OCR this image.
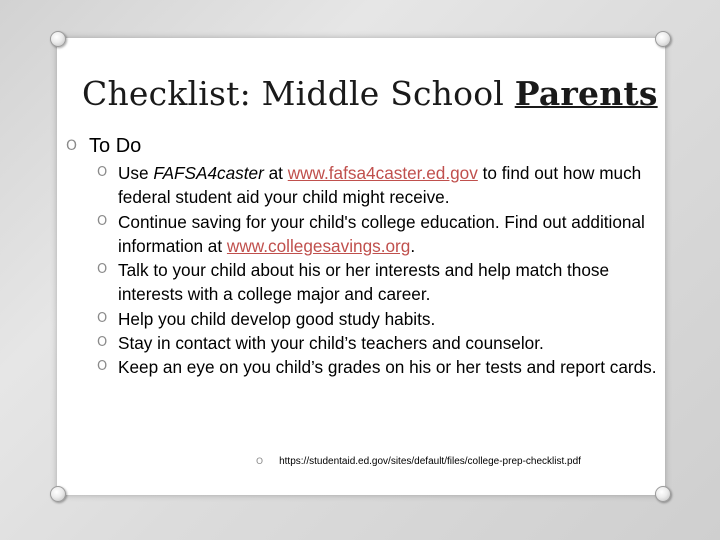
Checklist: Middle School Parents
O To Do
O Use FAFSA4caster at www.fafsa4caster.ed.gov to find out how much federal student aid your child might receive.
O Continue saving for your child's college education. Find out additional information at www.collegesavings.org.
O Talk to your child about his or her interests and help match those interests with a college major and career.
O Help you child develop good study habits.
O Stay in contact with your child’s teachers and counselor.
O Keep an eye on you child’s grades on his or her tests and report cards.
O https://studentaid.ed.gov/sites/default/files/college-prep-checklist.pdf
